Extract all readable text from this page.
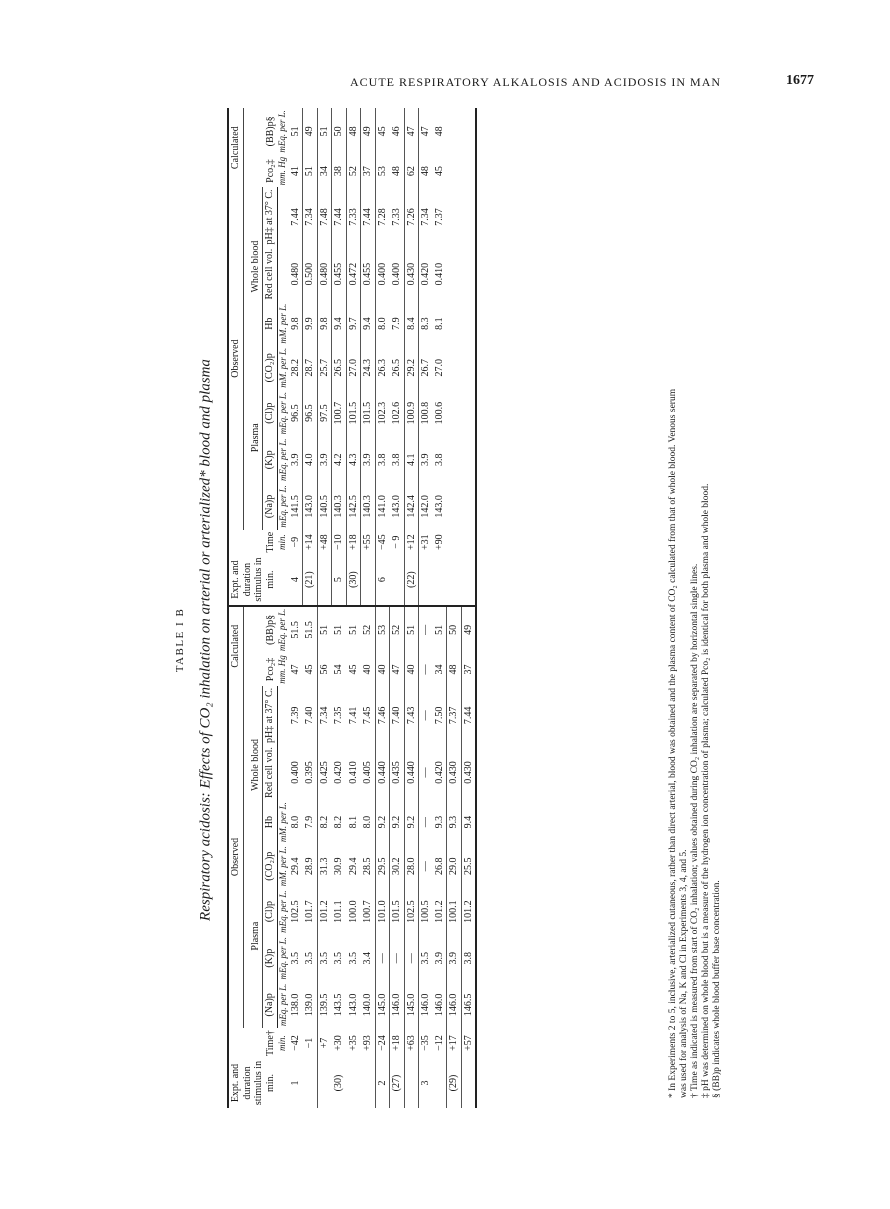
ACUTE RESPIRATORY ALKALOSIS AND ACIDOSIS IN MAN	1677
TABLE I B Respiratory acidosis: Effects of CO₂ inhalation on arterial or arterialized* blood and plasma
Expt. and duration stimulus in min.	Time†	Observed							Calculated		Expt. and duration stimulus in min.	Time	Observed							Calculated	
		Plasma				Whole blood			Pco₂‡	(BB)p§			Plasma				Whole blood			Pco₂‡	(BB)p§
		(Na)p	(K)p	(Cl)p	(CO₂)p	Hb	Red cell vol.	pH‡ at 37° C.					(Na)p	(K)p	(Cl)p	(CO₂)p	Hb	Red cell vol.	pH‡ at 37° C.		
	min.	mEq. per L.	mEq. per L.	mEq. per L.	mM. per L.	mM. per L.			mm. Hg	mEq. per L.		min.	mEq. per L.	mEq. per L.	mEq. per L.	mM. per L.	mM. per L.			mm. Hg	mEq. per L.
1	−42	138.0	3.5	102.5	29.4	8.0	0.400	7.39	47	51.5	4	−9	141.5	3.9	96.5	28.2	9.8	0.480	7.44	41	51
	−1	139.0	3.5	101.7	28.9	7.9	0.395	7.40	45	51.5	(21)	+14	143.0	4.0	96.5	28.7	9.9	0.500	7.34	51	49
	+7	139.5	3.5	101.2	31.3	8.2	0.425	7.34	56	51		+48	140.5	3.9	97.5	25.7	9.8	0.480	7.48	34	51
(30)	+30	143.5	3.5	101.1	30.9	8.2	0.420	7.35	54	51	5	−10	140.3	4.2	100.7	26.5	9.4	0.455	7.44	38	50
	+35	143.0	3.5	100.0	29.4	8.1	0.410	7.41	45	51	(30)	+18	142.5	4.3	101.5	27.0	9.7	0.472	7.33	52	48
	+93	140.0	3.4	100.7	28.5	8.0	0.405	7.45	40	52		+55	140.3	3.9	101.5	24.3	9.4	0.455	7.44	37	49
2	−24	145.0	—	101.0	29.5	9.2	0.440	7.46	40	53	6	−45	141.0	3.8	102.3	26.3	8.0	0.400	7.28	53	45
(27)	+18	146.0	—	101.5	30.2	9.2	0.435	7.40	47	52		− 9	143.0	3.8	102.6	26.5	7.9	0.400	7.33	48	46
	+63	145.0	—	102.5	28.0	9.2	0.440	7.43	40	51	(22)	+12	142.4	4.1	100.9	29.2	8.4	0.430	7.26	62	47
3	−35	146.0	3.5	100.5	—	—	—	—	—	—		+31	142.0	3.9	100.8	26.7	8.3	0.420	7.34	48	47
	−12	146.0	3.9	101.2	26.8	9.3	0.420	7.50	34	51		+90	143.0	3.8	100.6	27.0	8.1	0.410	7.37	45	48
(29)	+17	146.0	3.9	100.1	29.0	9.3	0.430	7.37	48	50											
	+57	146.5	3.8	101.2	25.5	9.4	0.430	7.44	37	49												* In Experiments 2 to 5, inclusive, arterialized cutaneous, rather than direct arterial, blood was obtained and the plasma content of CO₂ calculated from that of whole blood. Venous serum was used for analysis of Na, K and Cl in Experiments 3, 4, and 5. † Time as indicated is measured from start of CO₂ inhalation; values obtained during CO₂ inhalation are separated by horizontal single lines. ‡ pH was determined on whole blood but is a measure of the hydrogen ion concentration of plasma; calculated Pco₂ is identical for both plasma and whole blood. § (BB)p indicates whole blood buffer base concentration.
